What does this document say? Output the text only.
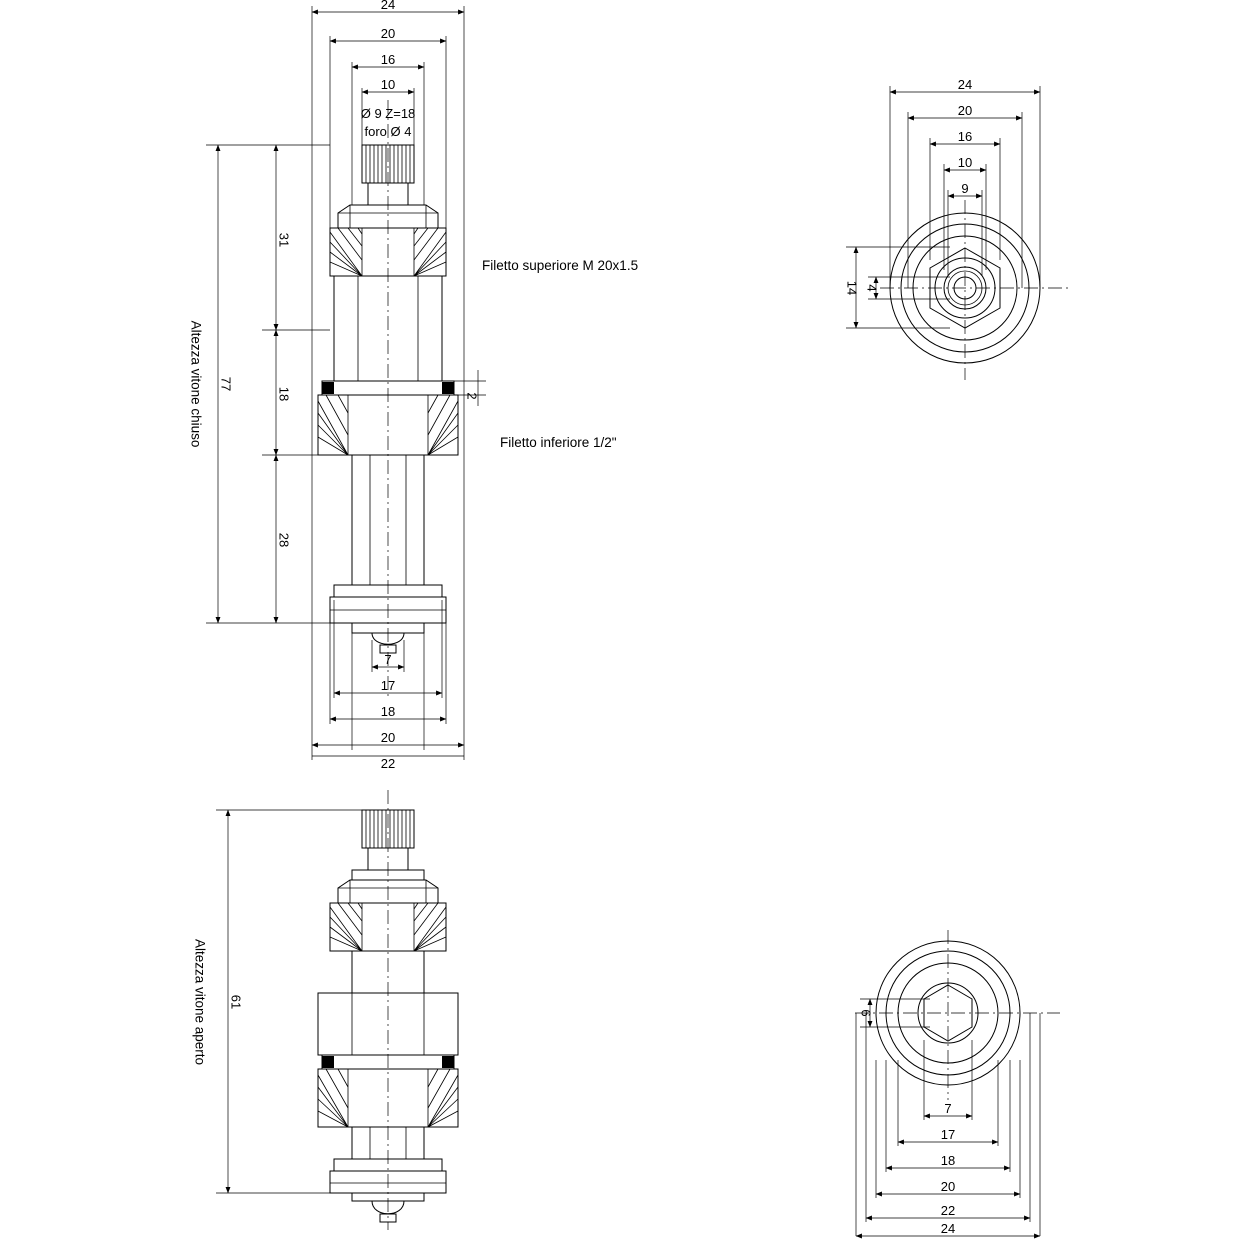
24
20
16
10
Ø 9 Z=18
foro Ø 4
77
Altezza vitone chiuso
31
18
28
2
Filetto superiore M 20x1.5
Filetto inferiore 1/2"
7
17
18
20
22
24
20
16
10
9
14 4
61
Altezza vitone aperto	6
7
17
18
20
22
24
